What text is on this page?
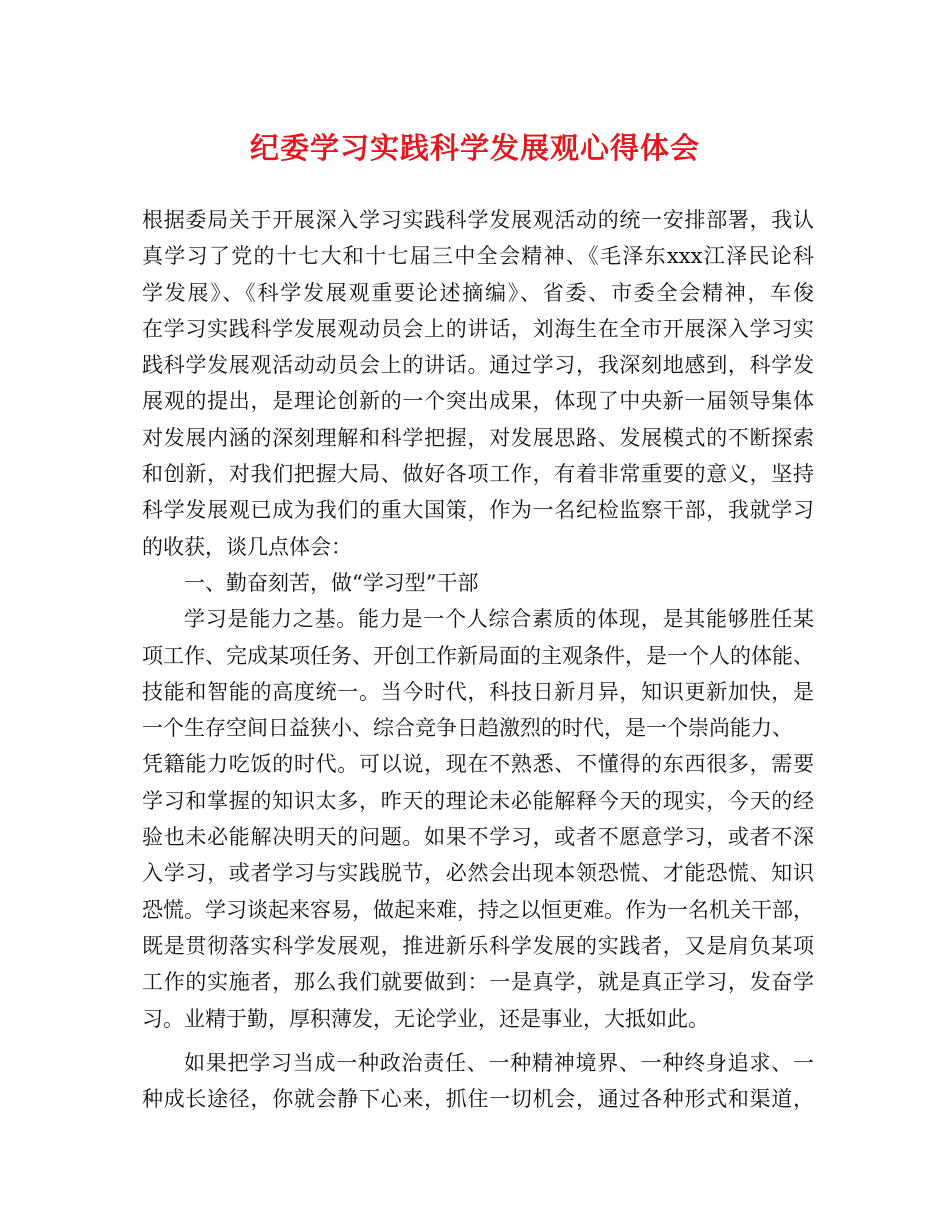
纪委学习实践科学发展观心得体会
根据委局关于开展深入学习实践科学发展观活动的统一安排部署，我认
真学习了党的十七大和十七届三中全会精神、《毛泽东xxx江泽民论科
学发展》、《科学发展观重要论述摘编》、省委、市委全会精神，车俊
在学习实践科学发展观动员会上的讲话，刘海生在全市开展深入学习实
践科学发展观活动动员会上的讲话。通过学习，我深刻地感到，科学发
展观的提出，是理论创新的一个突出成果，体现了中央新一届领导集体
对发展内涵的深刻理解和科学把握，对发展思路、发展模式的不断探索
和创新，对我们把握大局、做好各项工作，有着非常重要的意义，坚持
科学发展观已成为我们的重大国策，作为一名纪检监察干部，我就学习
的收获，谈几点体会：
一、勤奋刻苦，做“学习型”干部
学习是能力之基。能力是一个人综合素质的体现，是其能够胜任某
项工作、完成某项任务、开创工作新局面的主观条件，是一个人的体能、
技能和智能的高度统一。当今时代，科技日新月异，知识更新加快，是
一个生存空间日益狭小、综合竞争日趋激烈的时代，是一个崇尚能力、
凭籍能力吃饭的时代。可以说，现在不熟悉、不懂得的东西很多，需要
学习和掌握的知识太多，昨天的理论未必能解释今天的现实，今天的经
验也未必能解决明天的问题。如果不学习，或者不愿意学习，或者不深
入学习，或者学习与实践脱节，必然会出现本领恐慌、才能恐慌、知识
恐慌。学习谈起来容易，做起来难，持之以恒更难。作为一名机关干部，
既是贯彻落实科学发展观，推进新乐科学发展的实践者，又是肩负某项
工作的实施者，那么我们就要做到：一是真学，就是真正学习，发奋学
习。业精于勤，厚积薄发，无论学业，还是事业，大抵如此。
如果把学习当成一种政治责任、一种精神境界、一种终身追求、一
种成长途径，你就会静下心来，抓住一切机会，通过各种形式和渠道，
